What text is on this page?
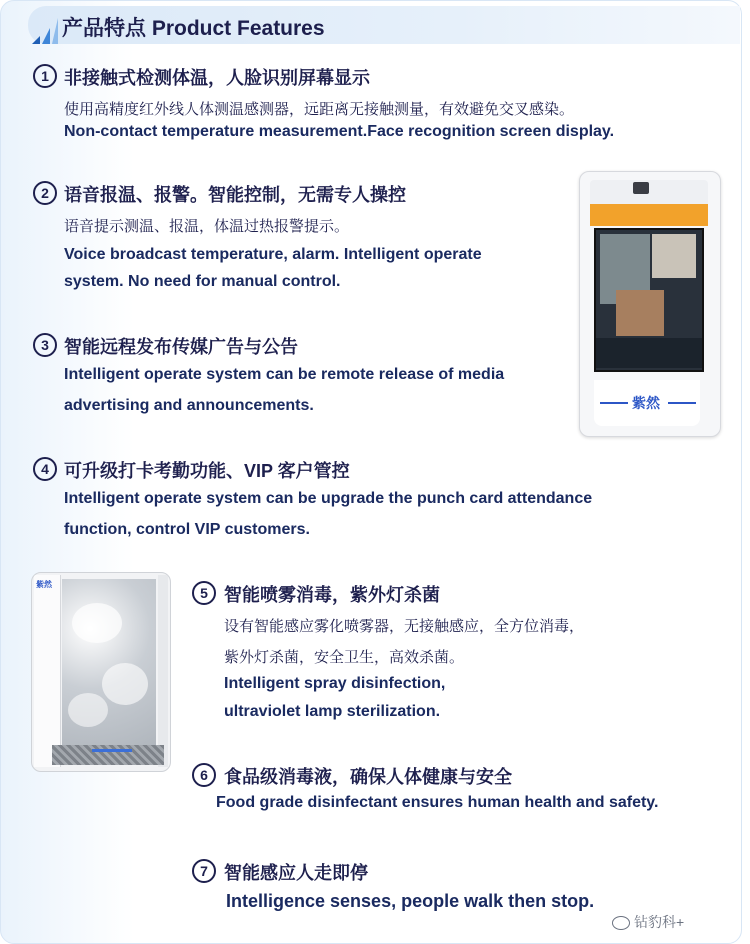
产品特点 Product Features
1 非接触式检测体温，人脸识别屏幕显示
使用高精度红外线人体测温感测器，远距离无接触测量，有效避免交叉感染。
Non-contact temperature measurement.Face recognition screen display.
2 语音报温、报警。智能控制，无需专人操控
语音提示测温、报温，体温过热报警提示。
Voice broadcast temperature, alarm. Intelligent operate
system. No need for manual control.
3 智能远程发布传媒广告与公告
Intelligent operate system can be remote release of media
advertising and announcements.
4 可升级打卡考勤功能、VIP 客户管控
Intelligent operate system can be upgrade the punch card attendance
function, control VIP customers.
5 智能喷雾消毒，紫外灯杀菌
设有智能感应雾化喷雾器，无接触感应，全方位消毒，
紫外灯杀菌，安全卫生，高效杀菌。
Intelligent spray disinfection,
ultraviolet lamp sterilization.
6 食品级消毒液，确保人体健康与安全
Food grade disinfectant ensures human health and safety.
7 智能感应人走即停
Intelligence senses, people walk then stop.
紫然
紫然
钻豹科+
